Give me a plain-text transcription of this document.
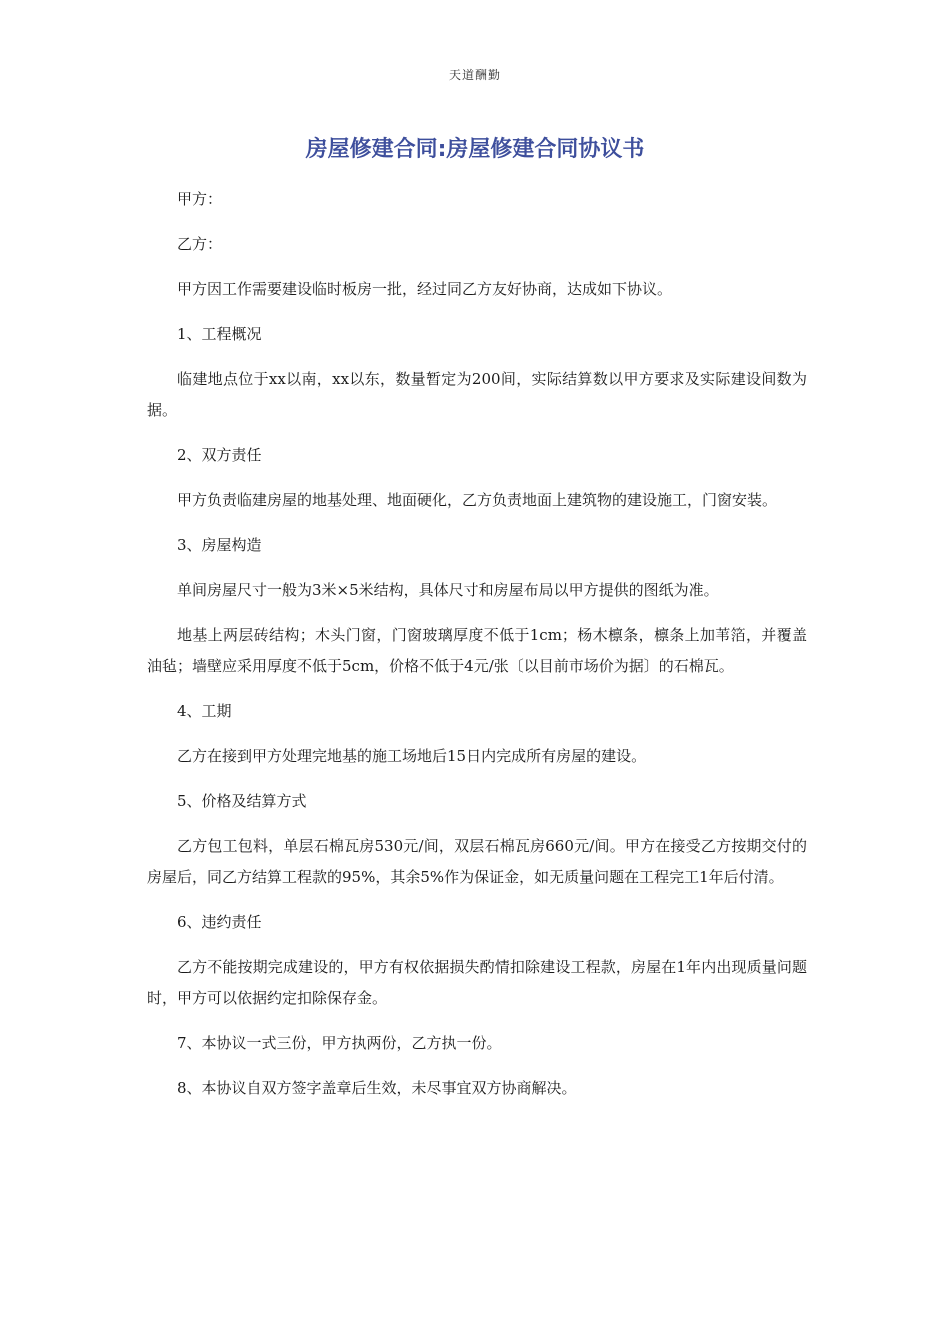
天道酬勤
房屋修建合同:房屋修建合同协议书

甲方：

乙方：

甲方因工作需要建设临时板房一批，经过同乙方友好协商，达成如下协议。

1、工程概况

临建地点位于xx以南，xx以东，数量暂定为200间，实际结算数以甲方要求及实际建设间数为据。

2、双方责任

甲方负责临建房屋的地基处理、地面硬化，乙方负责地面上建筑物的建设施工，门窗安装。

3、房屋构造

单间房屋尺寸一般为3米×5米结构，具体尺寸和房屋布局以甲方提供的图纸为准。

地基上两层砖结构；木头门窗，门窗玻璃厚度不低于1cm；杨木檩条，檩条上加苇箔，并覆盖油毡；墙壁应采用厚度不低于5cm，价格不低于4元/张〔以目前市场价为据〕的石棉瓦。

4、工期

乙方在接到甲方处理完地基的施工场地后15日内完成所有房屋的建设。

5、价格及结算方式

乙方包工包料，单层石棉瓦房530元/间，双层石棉瓦房660元/间。甲方在接受乙方按期交付的房屋后，同乙方结算工程款的95%，其余5%作为保证金，如无质量问题在工程完工1年后付清。

6、违约责任

乙方不能按期完成建设的，甲方有权依据损失酌情扣除建设工程款，房屋在1年内出现质量问题时，甲方可以依据约定扣除保存金。

7、本协议一式三份，甲方执两份，乙方执一份。

8、本协议自双方签字盖章后生效，未尽事宜双方协商解决。
